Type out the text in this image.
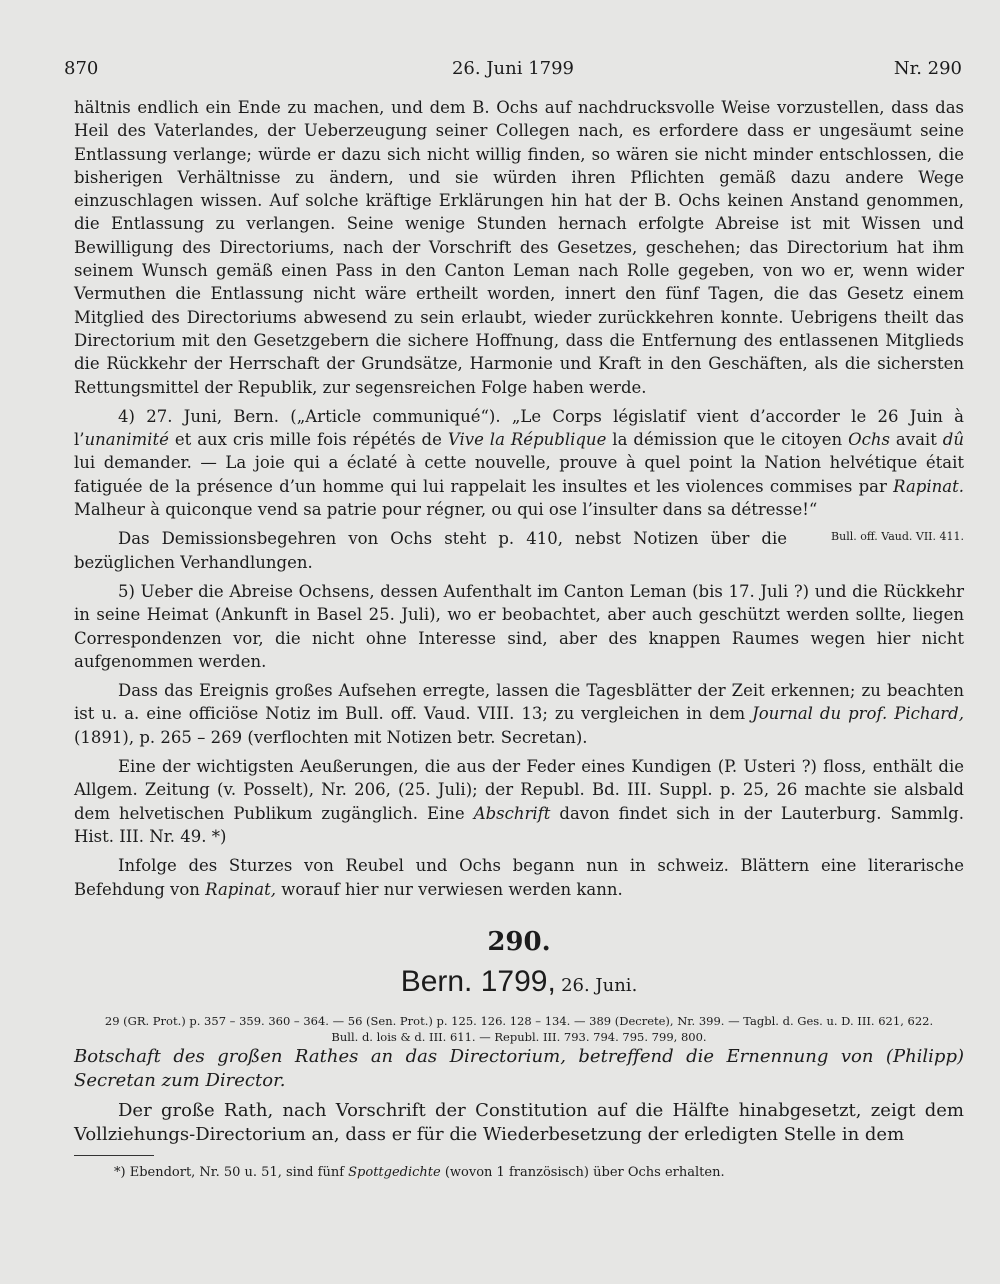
870	26. Juni 1799	Nr. 290

hältnis endlich ein Ende zu machen, und dem B. Ochs auf nachdrucksvolle Weise vorzustellen, dass das Heil des Vaterlandes, der Ueberzeugung seiner Collegen nach, es erfordere dass er ungesäumt seine Entlassung verlange; würde er dazu sich nicht willig finden, so wären sie nicht minder entschlossen, die bisherigen Verhältnisse zu ändern, und sie würden ihren Pflichten gemäß dazu andere Wege einzuschlagen wissen. Auf solche kräftige Erklärungen hin hat der B. Ochs keinen Anstand genommen, die Entlassung zu verlangen. Seine wenige Stunden hernach erfolgte Abreise ist mit Wissen und Bewilligung des Directoriums, nach der Vorschrift des Gesetzes, geschehen; das Directorium hat ihm seinem Wunsch gemäß einen Pass in den Canton Leman nach Rolle gegeben, von wo er, wenn wider Vermuthen die Entlassung nicht wäre ertheilt worden, innert den fünf Tagen, die das Gesetz einem Mitglied des Directoriums abwesend zu sein erlaubt, wieder zurückkehren konnte. Uebrigens theilt das Directorium mit den Gesetzgebern die sichere Hoffnung, dass die Entfernung des entlassenen Mitglieds die Rückkehr der Herrschaft der Grundsätze, Harmonie und Kraft in den Geschäften, als die sichersten Rettungsmittel der Republik, zur segensreichen Folge haben werde.

4) 27. Juni, Bern. („Article communiqué“). „Le Corps législatif vient d’accorder le 26 Juin à l’unanimité et aux cris mille fois répétés de Vive la République la démission que le citoyen Ochs avait dû lui demander. — La joie qui a éclaté à cette nouvelle, prouve à quel point la Nation helvétique était fatiguée de la présence d’un homme qui lui rappelait les insultes et les violences commises par Rapinat. Malheur à quiconque vend sa patrie pour régner, ou qui ose l’insulter dans sa détresse!“
Bull. off. Vaud. VII. 411.

Das Demissionsbegehren von Ochs steht p. 410, nebst Notizen über die bezüglichen Verhandlungen.

5) Ueber die Abreise Ochsens, dessen Aufenthalt im Canton Leman (bis 17. Juli ?) und die Rückkehr in seine Heimat (Ankunft in Basel 25. Juli), wo er beobachtet, aber auch geschützt werden sollte, liegen Correspondenzen vor, die nicht ohne Interesse sind, aber des knappen Raumes wegen hier nicht aufgenommen werden.

Dass das Ereignis großes Aufsehen erregte, lassen die Tagesblätter der Zeit erkennen; zu beachten ist u. a. eine officiöse Notiz im Bull. off. Vaud. VIII. 13; zu vergleichen in dem Journal du prof. Pichard, (1891), p. 265 – 269 (verflochten mit Notizen betr. Secretan).

Eine der wichtigsten Aeußerungen, die aus der Feder eines Kundigen (P. Usteri ?) floss, enthält die Allgem. Zeitung (v. Posselt), Nr. 206, (25. Juli); der Republ. Bd. III. Suppl. p. 25, 26 machte sie alsbald dem helvetischen Publikum zugänglich. Eine Abschrift davon findet sich in der Lauterburg. Sammlg. Hist. III. Nr. 49. *)

Infolge des Sturzes von Reubel und Ochs begann nun in schweiz. Blättern eine literarische Befehdung von Rapinat, worauf hier nur verwiesen werden kann.

290.
Bern. 1799, 26. Juni.
29 (GR. Prot.) p. 357 – 359. 360 – 364. — 56 (Sen. Prot.) p. 125. 126. 128 – 134. — 389 (Decrete), Nr. 399. — Tagbl. d. Ges. u. D. III. 621, 622.
Bull. d. lois & d. III. 611. — Republ. III. 793. 794. 795. 799, 800.

Botschaft des großen Rathes an das Directorium, betreffend die Ernennung von (Philipp) Secretan zum Director.

Der große Rath, nach Vorschrift der Constitution auf die Hälfte hinabgesetzt, zeigt dem Vollziehungs-Directorium an, dass er für die Wiederbesetzung der erledigten Stelle in dem

*) Ebendort, Nr. 50 u. 51, sind fünf Spottgedichte (wovon 1 französisch) über Ochs erhalten.
